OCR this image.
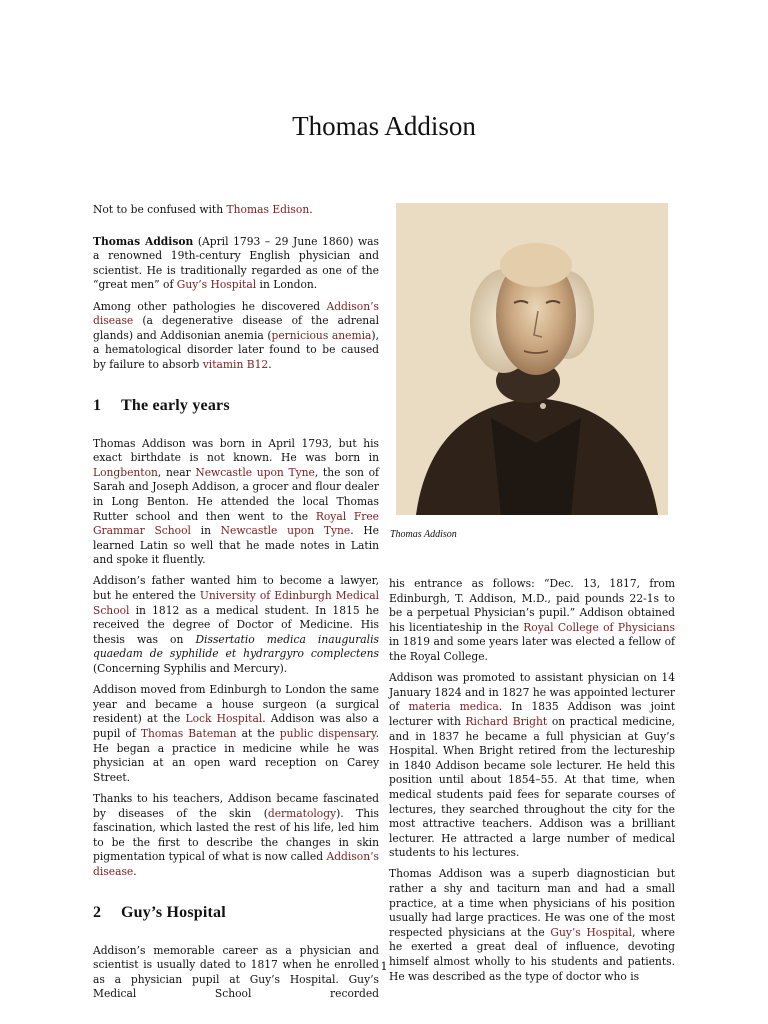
Thomas Addison

Not to be confused with Thomas Edison.

Thomas Addison (April 1793 – 29 June 1860) was a renowned 19th-century English physician and scientist. He is traditionally regarded as one of the “great men” of Guy’s Hospital in London.

Among other pathologies he discovered Addison’s disease (a degenerative disease of the adrenal glands) and Addisonian anemia (pernicious anemia), a hematological disorder later found to be caused by failure to absorb vitamin B12.

1 The early years

Thomas Addison was born in April 1793, but his exact birthdate is not known. He was born in Longbenton, near Newcastle upon Tyne, the son of Sarah and Joseph Addison, a grocer and flour dealer in Long Benton. He attended the local Thomas Rutter school and then went to the Royal Free Grammar School in Newcastle upon Tyne. He learned Latin so well that he made notes in Latin and spoke it fluently.

Addison’s father wanted him to become a lawyer, but he entered the University of Edinburgh Medical School in 1812 as a medical student. In 1815 he received the degree of Doctor of Medicine. His thesis was on Dissertatio medica inauguralis quaedam de syphilide et hydrargyro complectens (Concerning Syphilis and Mercury).

Addison moved from Edinburgh to London the same year and became a house surgeon (a surgical resident) at the Lock Hospital. Addison was also a pupil of Thomas Bateman at the public dispensary. He began a practice in medicine while he was physician at an open ward reception on Carey Street.

Thanks to his teachers, Addison became fascinated by diseases of the skin (dermatology). This fascination, which lasted the rest of his life, led him to be the first to describe the changes in skin pigmentation typical of what is now called Addison’s disease.

2 Guy’s Hospital

Addison’s memorable career as a physician and scientist is usually dated to 1817 when he enrolled as a physician pupil at Guy’s Hospital. Guy’s Medical School recorded

Thomas Addison

his entrance as follows: “Dec. 13, 1817, from Edinburgh, T. Addison, M.D., paid pounds 22-1s to be a perpetual Physician’s pupil.” Addison obtained his licentiateship in the Royal College of Physicians in 1819 and some years later was elected a fellow of the Royal College.

Addison was promoted to assistant physician on 14 January 1824 and in 1827 he was appointed lecturer of materia medica. In 1835 Addison was joint lecturer with Richard Bright on practical medicine, and in 1837 he became a full physician at Guy’s Hospital. When Bright retired from the lectureship in 1840 Addison became sole lecturer. He held this position until about 1854–55. At that time, when medical students paid fees for separate courses of lectures, they searched throughout the city for the most attractive teachers. Addison was a brilliant lecturer. He attracted a large number of medical students to his lectures.

Thomas Addison was a superb diagnostician but rather a shy and taciturn man and had a small practice, at a time when physicians of his position usually had large practices. He was one of the most respected physicians at the Guy’s Hospital, where he exerted a great deal of influence, devoting himself almost wholly to his students and patients. He was described as the type of doctor who is

1
